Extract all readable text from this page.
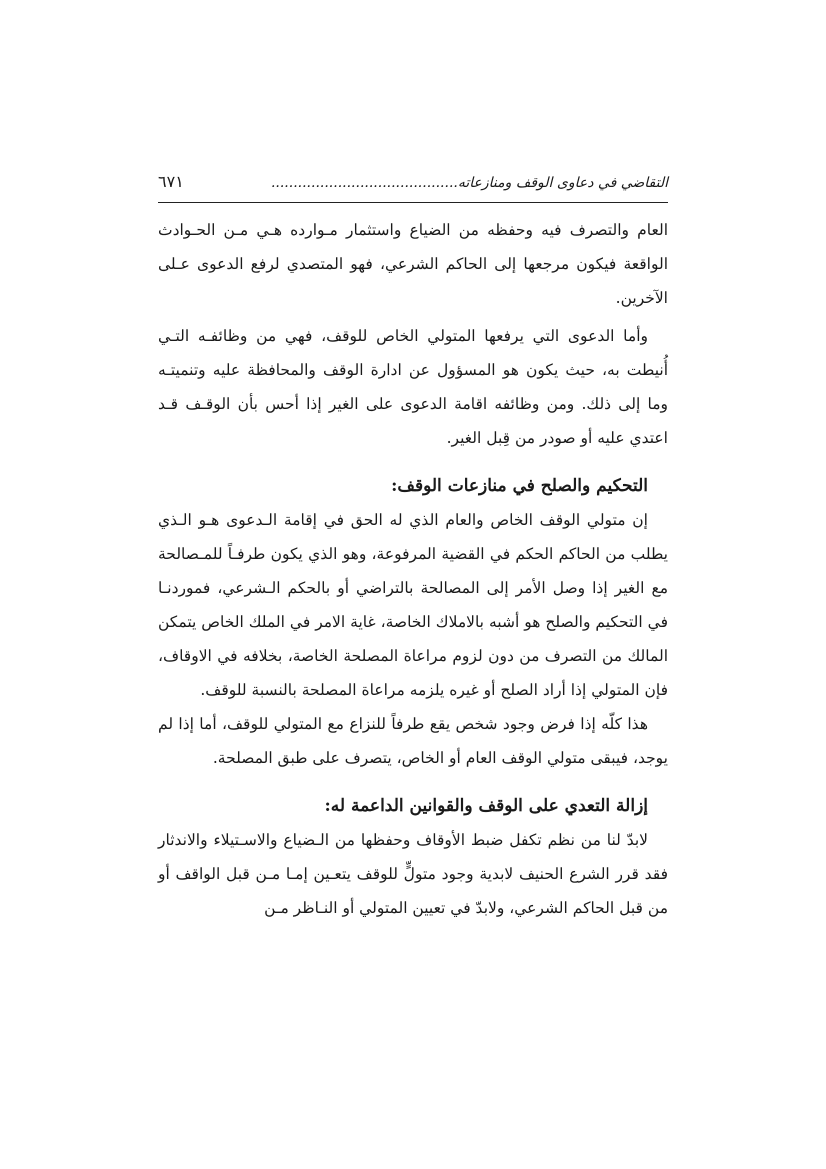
التقاضي في دعاوى الوقف ومنازعاته..........................................
٦٧١

العام والتصرف فيه وحفظه من الضياع واستثمار مـوارده هـي مـن الحـوادث الواقعة فيكون مرجعها إلى الحاكم الشرعي، فهو المتصدي لرفع الدعوى عـلى الآخرين.

وأما الدعوى التي يرفعها المتولي الخاص للوقف، فهي من وظائفـه التـي أُنيطت به، حيث يكون هو المسؤول عن ادارة الوقف والمحافظة عليه وتنميتـه وما إلى ذلك. ومن وظائفه اقامة الدعوى على الغير إذا أحس بأن الوقـف قـد اعتدي عليه أو صودر من قِبل الغير.

التحكيم والصلح في منازعات الوقف:

إن متولي الوقف الخاص والعام الذي له الحق في إقامة الـدعوى هـو الـذي يطلب من الحاكم الحكم في القضية المرفوعة، وهو الذي يكون طرفـاً للمـصالحة مع الغير إذا وصل الأمر إلى المصالحة بالتراضي أو بالحكم الـشرعي، فموردنـا في التحكيم والصلح هو أشبه بالاملاك الخاصة، غاية الامر في الملك الخاص يتمكن المالك من التصرف من دون لزوم مراعاة المصلحة الخاصة، بخلافه في الاوقاف، فإن المتولي إذا أراد الصلح أو غيره يلزمه مراعاة المصلحة بالنسبة للوقف.

هذا كلّه إذا فرض وجود شخص يقع طرفاً للنزاع مع المتولي للوقف، أما إذا لم يوجد، فيبقى متولي الوقف العام أو الخاص، يتصرف على طبق المصلحة.

إزالة التعدي على الوقف والقوانين الداعمة له:

لابدّ لنا من نظم تكفل ضبط الأوقاف وحفظها من الـضياع والاسـتيلاء والاندثار فقد قرر الشرع الحنيف لابدية وجود متولٍّ للوقف يتعـين إمـا مـن قبل الواقف أو من قبل الحاكم الشرعي، ولابدّ في تعيين المتولي أو النـاظر مـن
